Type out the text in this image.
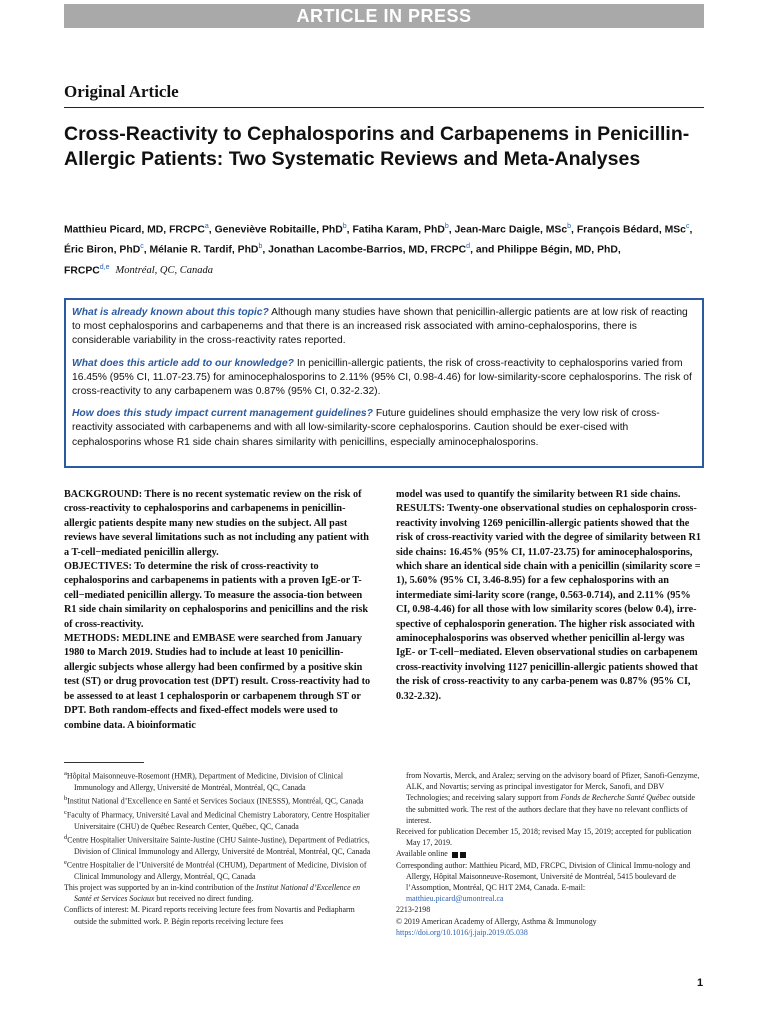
ARTICLE IN PRESS
Original Article
Cross-Reactivity to Cephalosporins and Carbapenems in Penicillin-Allergic Patients: Two Systematic Reviews and Meta-Analyses
Matthieu Picard, MD, FRCPC$^a$, Geneviève Robitaille, PhD$^b$, Fatiha Karam, PhD$^b$, Jean-Marc Daigle, MSc$^b$, François Bédard, MSc$^c$, Éric Biron, PhD$^c$, Mélanie R. Tardif, PhD$^b$, Jonathan Lacombe-Barrios, MD, FRCPC$^d$, and Philippe Bégin, MD, PhD, FRCPC$^{d,e}$ Montréal, QC, Canada

What is already known about this topic? Although many studies have shown that penicillin-allergic patients are at low risk of reacting to most cephalosporins and carbapenems and that there is an increased risk associated with amino-cephalosporins, there is considerable variability in the cross-reactivity rates reported.

What does this article add to our knowledge? In penicillin-allergic patients, the risk of cross-reactivity to cephalosporins varied from 16.45% (95% CI, 11.07-23.75) for aminocephalosporins to 2.11% (95% CI, 0.98-4.46) for low-similarity-score cephalosporins. The risk of cross-reactivity to any carbapenem was 0.87% (95% CI, 0.32-2.32).

How does this study impact current management guidelines? Future guidelines should emphasize the very low risk of cross-reactivity associated with carbapenems and with all low-similarity-score cephalosporins. Caution should be exer-cised with cephalosporins whose R1 side chain shares similarity with penicillins, especially aminocephalosporins.

BACKGROUND: There is no recent systematic review on the risk of cross-reactivity to cephalosporins and carbapenems in penicillin-allergic patients despite many new studies on the subject. All past reviews have several limitations such as not including any patient with a T-cell−mediated penicillin allergy.

OBJECTIVES: To determine the risk of cross-reactivity to cephalosporins and carbapenems in patients with a proven IgE-or T-cell−mediated penicillin allergy. To measure the associa-tion between R1 side chain similarity on cephalosporins and penicillins and the risk of cross-reactivity.

METHODS: MEDLINE and EMBASE were searched from January 1980 to March 2019. Studies had to include at least 10 penicillin-allergic subjects whose allergy had been confirmed by a positive skin test (ST) or drug provocation test (DPT) result. Cross-reactivity had to be assessed to at least 1 cephalosporin or carbapenem through ST or DPT. Both random-effects and fixed-effect models were used to combine data. A bioinformatic

model was used to quantify the similarity between R1 side chains.

RESULTS: Twenty-one observational studies on cephalosporin cross-reactivity involving 1269 penicillin-allergic patients showed that the risk of cross-reactivity varied with the degree of similarity between R1 side chains: 16.45% (95% CI, 11.07-23.75) for aminocephalosporins, which share an identical side chain with a penicillin (similarity score = 1), 5.60% (95% CI, 3.46-8.95) for a few cephalosporins with an intermediate simi-larity score (range, 0.563-0.714), and 2.11% (95% CI, 0.98-4.46) for all those with low similarity scores (below 0.4), irre-spective of cephalosporin generation. The higher risk associated with aminocephalosporins was observed whether penicillin al-lergy was IgE- or T-cell−mediated. Eleven observational studies on carbapenem cross-reactivity involving 1127 penicillin-allergic patients showed that the risk of cross-reactivity to any carba-penem was 0.87% (95% CI, 0.32-2.32).

$^a$Hôpital Maisonneuve-Rosemont (HMR), Department of Medicine, Division of Clinical Immunology and Allergy, Université de Montréal, Montréal, QC, Canada

$^b$Institut National d’Excellence en Santé et Services Sociaux (INESSS), Montréal, QC, Canada

$^c$Faculty of Pharmacy, Université Laval and Medicinal Chemistry Laboratory, Centre Hospitalier Universitaire (CHU) de Québec Research Center, Québec, QC, Canada

$^d$Centre Hospitalier Universitaire Sainte-Justine (CHU Sainte-Justine), Department of Pediatrics, Division of Clinical Immunology and Allergy, Université de Montréal, Montréal, QC, Canada

$^e$Centre Hospitalier de l’Université de Montréal (CHUM), Department of Medicine, Division of Clinical Immunology and Allergy, Montréal, QC, Canada

This project was supported by an in-kind contribution of the Institut National d’Excellence en Santé et Services Sociaux but received no direct funding.

Conflicts of interest: M. Picard reports receiving lecture fees from Novartis and Pediapharm outside the submitted work. P. Bégin reports receiving lecture fees

from Novartis, Merck, and Aralez; serving on the advisory board of Pfizer, Sanofi-Genzyme, ALK, and Novartis; serving as principal investigator for Merck, Sanofi, and DBV Technologies; and receiving salary support from Fonds de Recherche Santé Québec outside the submitted work. The rest of the authors declare that they have no relevant conflicts of interest.

Received for publication December 15, 2018; revised May 15, 2019; accepted for publication May 17, 2019.

Available online

Corresponding author: Matthieu Picard, MD, FRCPC, Division of Clinical Immu-nology and Allergy, Hôpital Maisonneuve-Rosemont, Université de Montréal, 5415 boulevard de l’Assomption, Montréal, QC H1T 2M4, Canada. E-mail:

matthieu.picard@umontreal.ca

2213-2198

© 2019 American Academy of Allergy, Asthma & Immunology

https://doi.org/10.1016/j.jaip.2019.05.038

1
